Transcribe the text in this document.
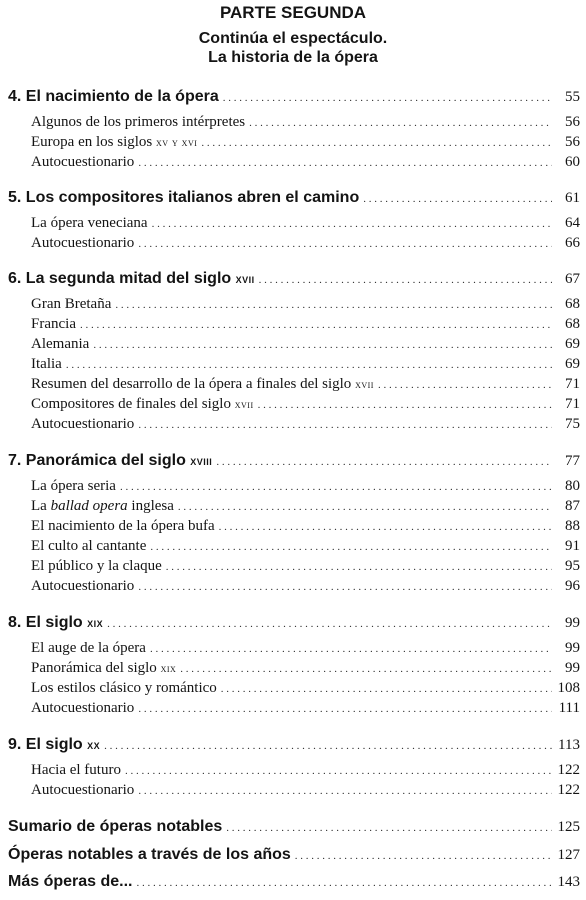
PARTE SEGUNDA
Continúa el espectáculo.
La historia de la ópera
4. El nacimiento de la ópera . . .	55
Algunos de los primeros intérpretes . . .	56
Europa en los siglos xv y xvi . . .	56
Autocuestionario . . .	60
5. Los compositores italianos abren el camino . . .	61
La ópera veneciana . . .	64
Autocuestionario . . .	66
6. La segunda mitad del siglo xvii . . .	67
Gran Bretaña . . .	68
Francia . . .	68
Alemania . . .	69
Italia . . .	69
Resumen del desarrollo de la ópera a finales del siglo xvii . . .	71
Compositores de finales del siglo xvii . . .	71
Autocuestionario . . .	75
7. Panorámica del siglo xviii . . .	77
La ópera seria . . .	80
La ballad opera inglesa . . .	87
El nacimiento de la ópera bufa . . .	88
El culto al cantante . . .	91
El público y la claque . . .	95
Autocuestionario . . .	96
8. El siglo xix . . .	99
El auge de la ópera . . .	99
Panorámica del siglo xix . . .	99
Los estilos clásico y romántico . . .	108
Autocuestionario . . .	111
9. El siglo xx . . .	113
Hacia el futuro . . .	122
Autocuestionario . . .	122
Sumario de óperas notables . . .	125
Óperas notables a través de los años . . .	127
Más óperas de... . . .	143
